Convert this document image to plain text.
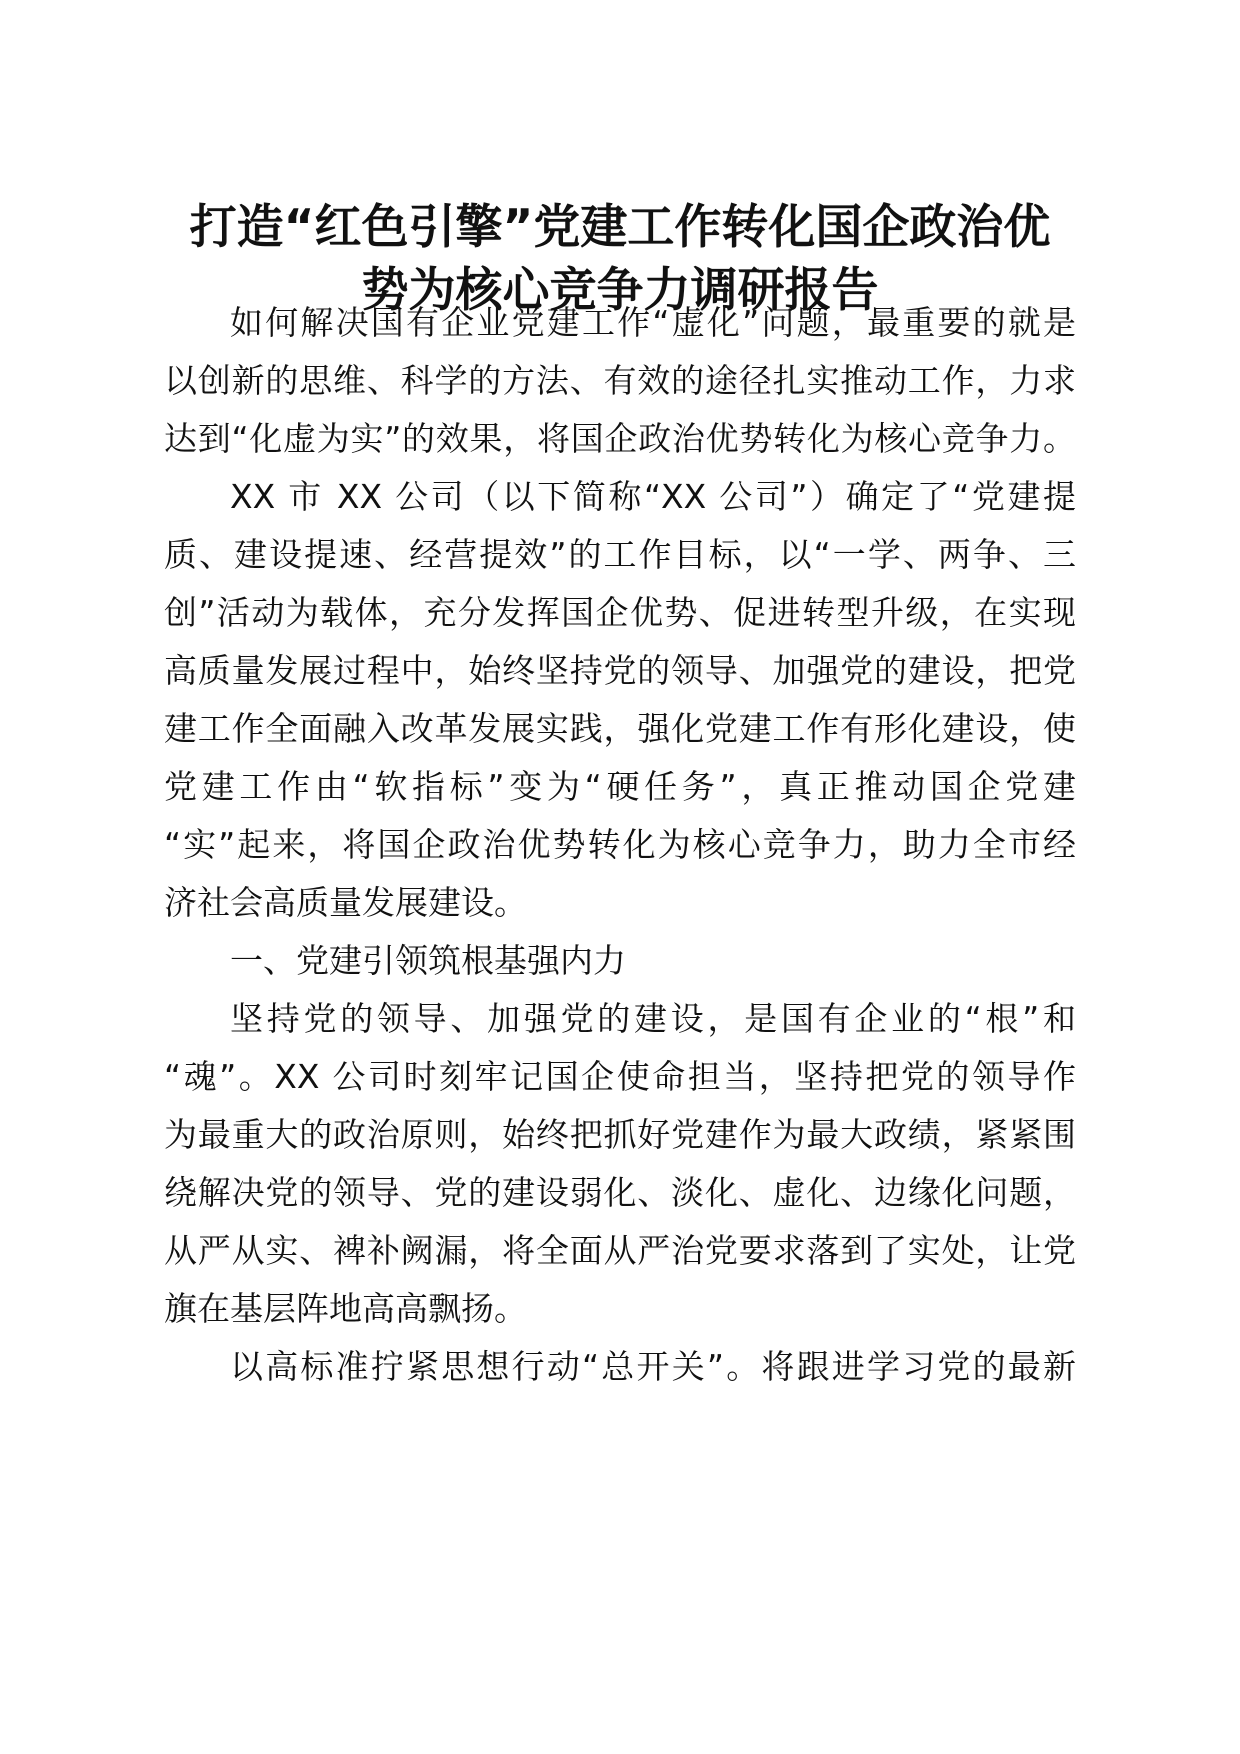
打造“红色引擎”党建工作转化国企政治优
势为核心竞争力调研报告
如何解决国有企业党建工作“虚化”问题，最重要的就是
以创新的思维、科学的方法、有效的途径扎实推动工作，力求
达到“化虚为实”的效果，将国企政治优势转化为核心竞争力。
XX 市 XX 公司（以下简称“XX 公司”）确定了“党建提
质、建设提速、经营提效”的工作目标，以“一学、两争、三
创”活动为载体，充分发挥国企优势、促进转型升级，在实现
高质量发展过程中，始终坚持党的领导、加强党的建设，把党
建工作全面融入改革发展实践，强化党建工作有形化建设，使
党建工作由“软指标”变为“硬任务”，真正推动国企党建
“实”起来，将国企政治优势转化为核心竞争力，助力全市经
济社会高质量发展建设。
一、党建引领筑根基强内力
坚持党的领导、加强党的建设，是国有企业的“根”和
“魂”。XX 公司时刻牢记国企使命担当，坚持把党的领导作
为最重大的政治原则，始终把抓好党建作为最大政绩，紧紧围
绕解决党的领导、党的建设弱化、淡化、虚化、边缘化问题，
从严从实、裨补阙漏，将全面从严治党要求落到了实处，让党
旗在基层阵地高高飘扬。
以高标准拧紧思想行动“总开关”。将跟进学习党的最新
